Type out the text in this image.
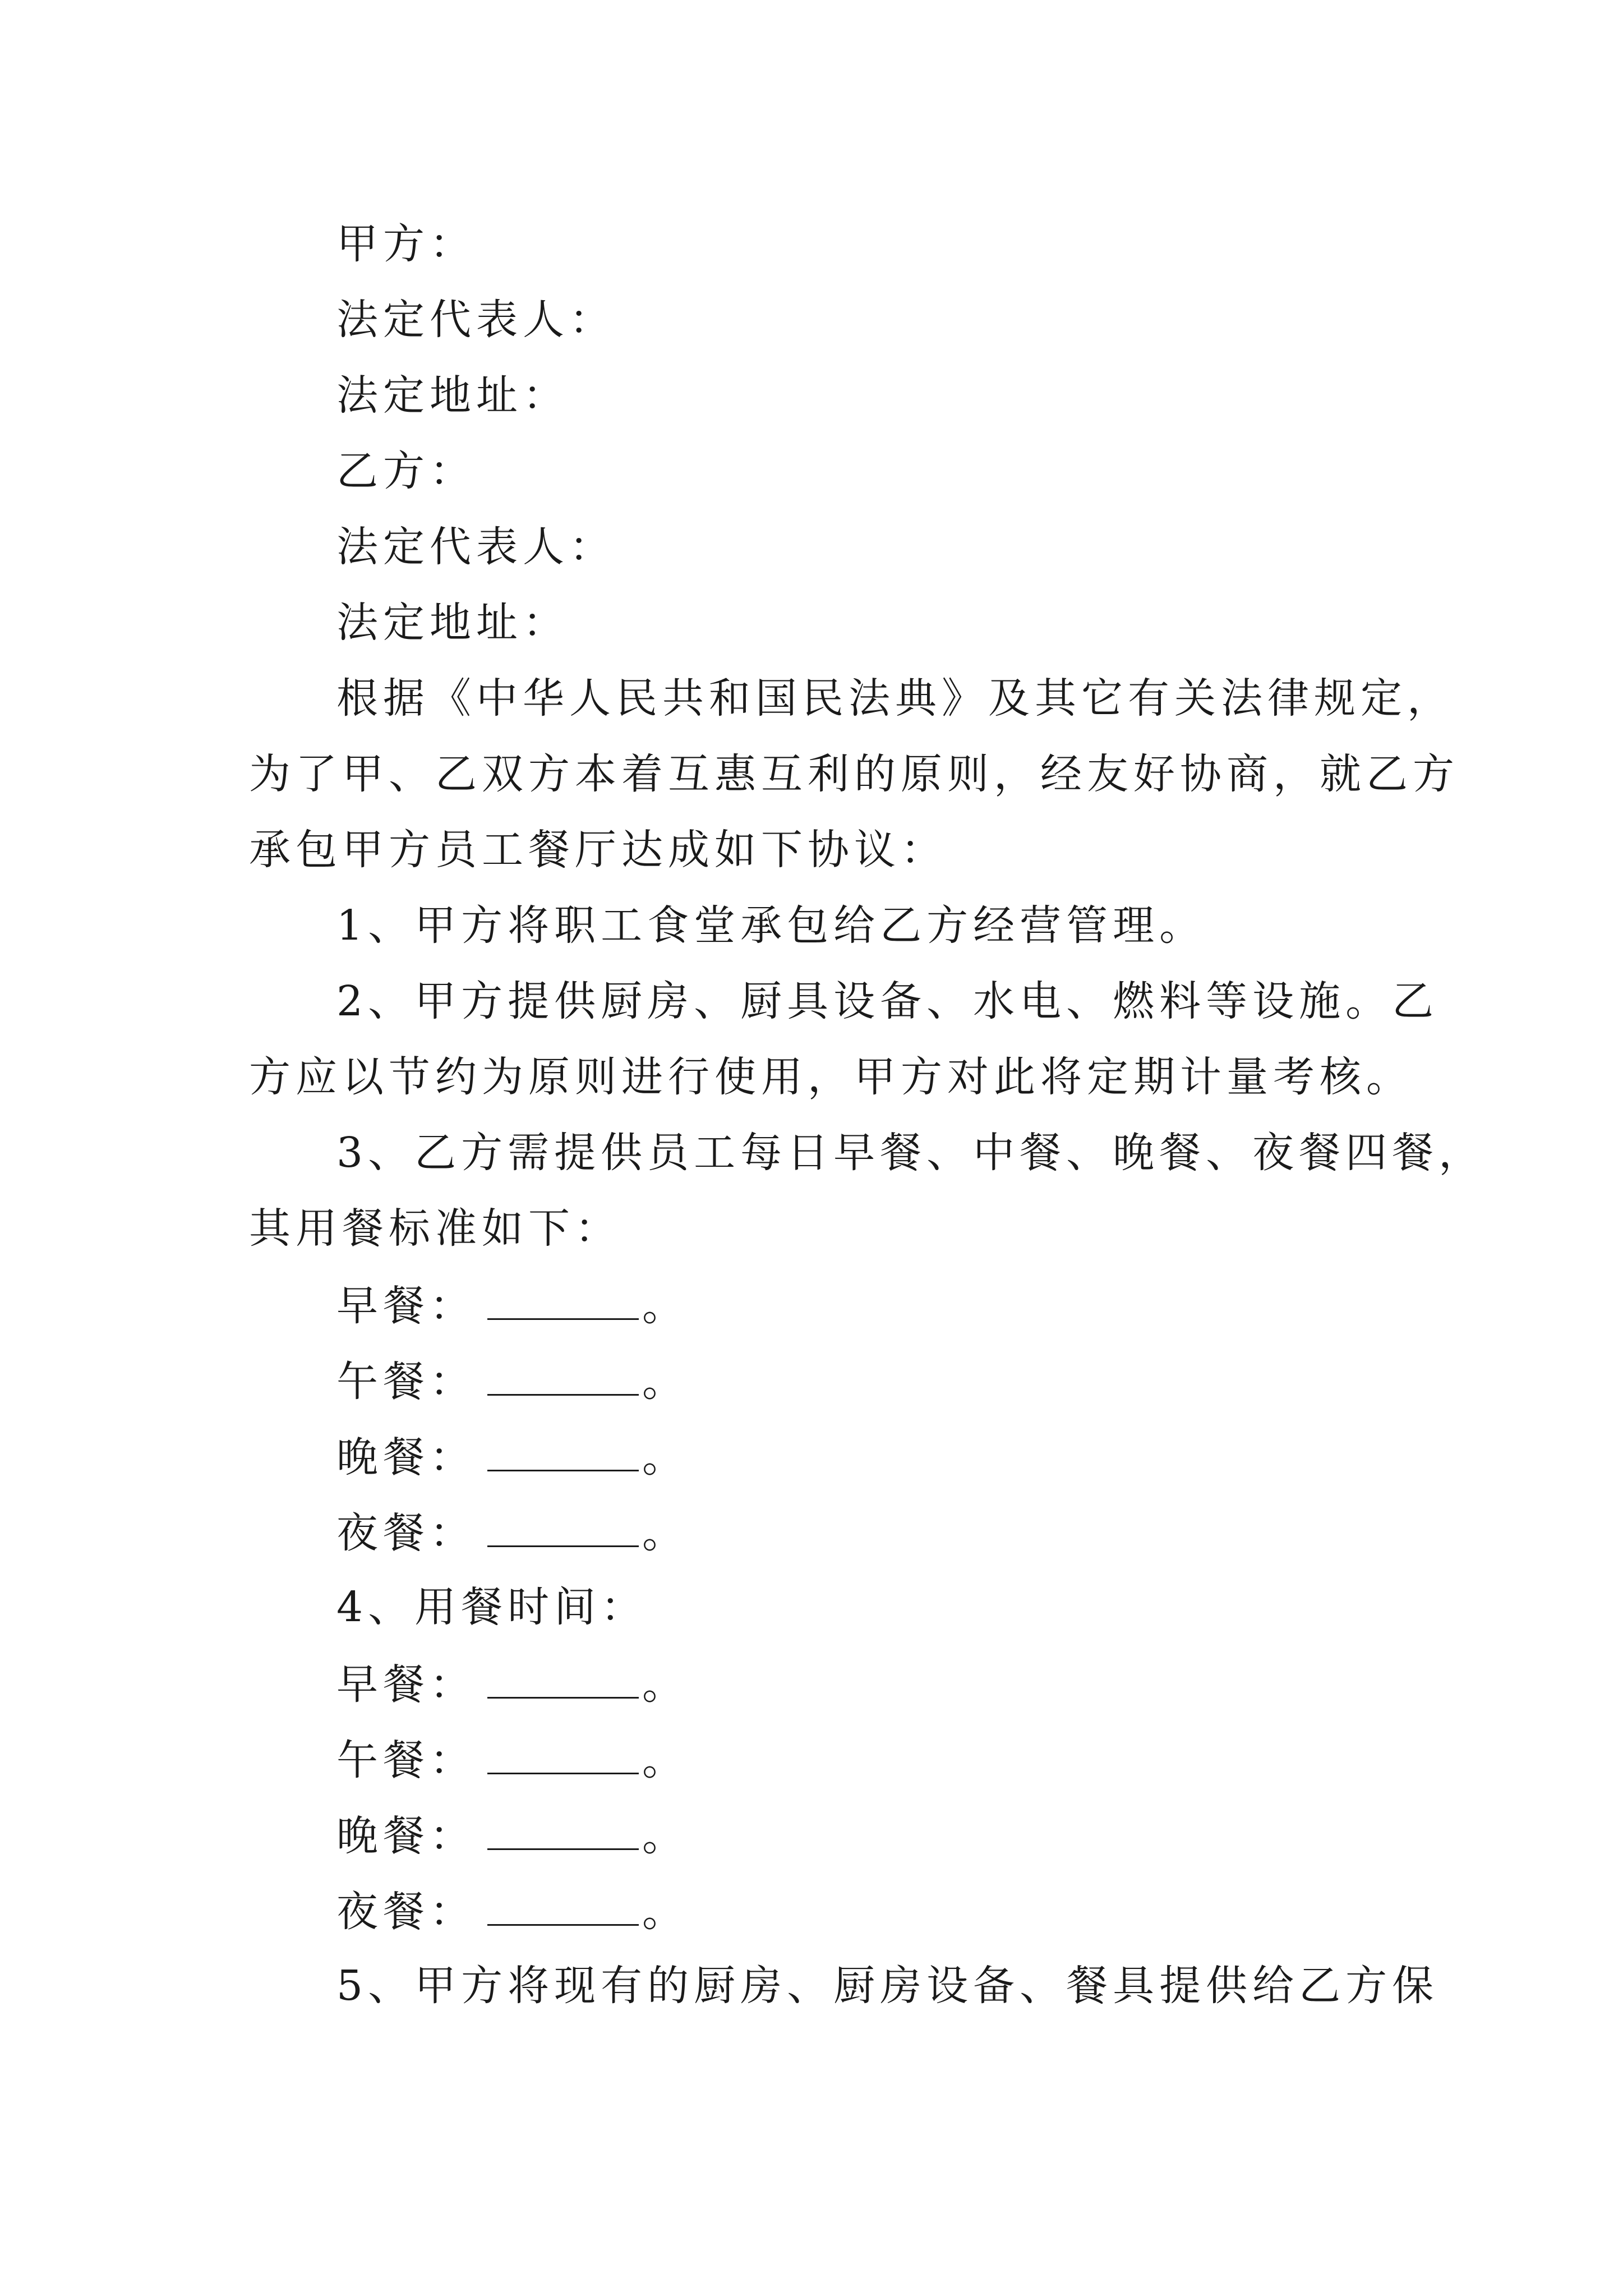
甲方：
法定代表人：
法定地址：
乙方：
法定代表人：
法定地址：
根据《中华人民共和国民法典》及其它有关法律规定，
为了甲、乙双方本着互惠互利的原则，经友好协商，就乙方
承包甲方员工餐厅达成如下协议：
1、甲方将职工食堂承包给乙方经营管理。
2、甲方提供厨房、厨具设备、水电、燃料等设施。乙
方应以节约为原则进行使用，甲方对此将定期计量考核。
3、乙方需提供员工每日早餐、中餐、晚餐、夜餐四餐，
其用餐标准如下：
早餐：	。
午餐：	。
晚餐：	。
夜餐：	。
4、用餐时间：
早餐：	。
午餐：	。
晚餐：	。
夜餐：	。
5、甲方将现有的厨房、厨房设备、餐具提供给乙方保
